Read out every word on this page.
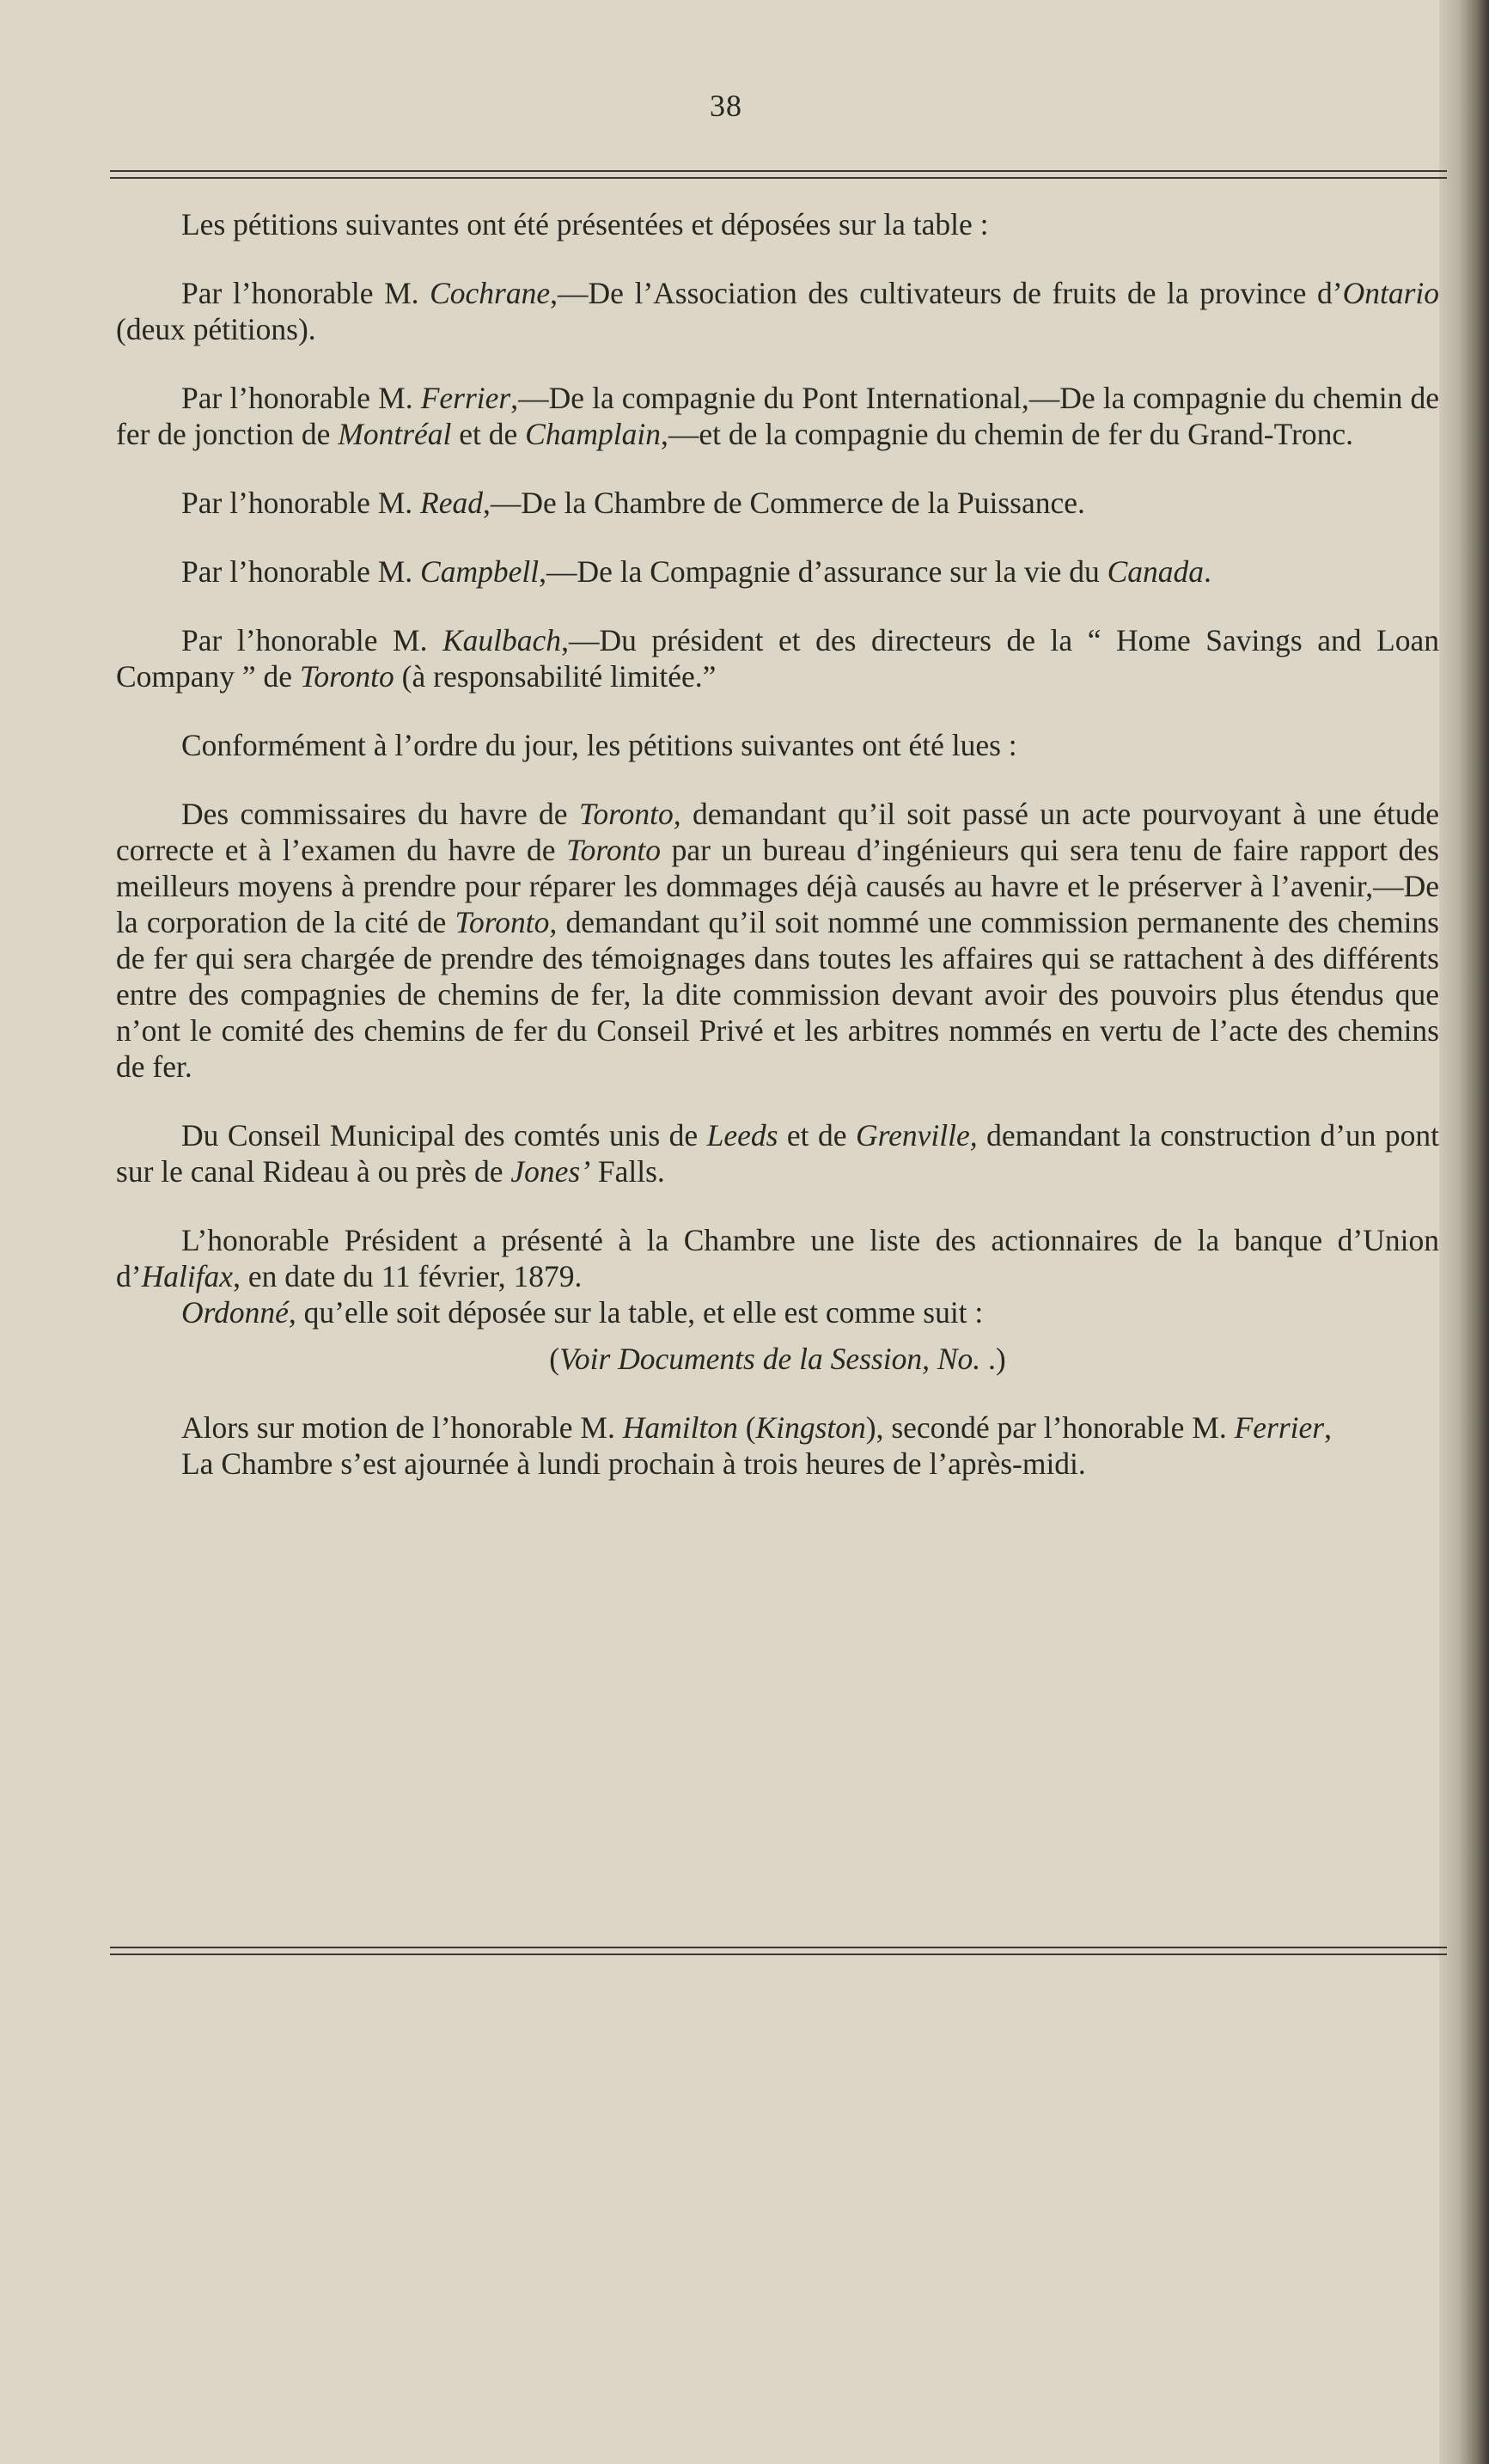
38

Les pétitions suivantes ont été présentées et déposées sur la table :

Par l’honorable M. Cochrane,—De l’Association des cultivateurs de fruits de la province d’Ontario (deux pétitions).

Par l’honorable M. Ferrier,—De la compagnie du Pont International,—De la compagnie du chemin de fer de jonction de Montréal et de Champlain,—et de la compagnie du chemin de fer du Grand-Tronc.

Par l’honorable M. Read,—De la Chambre de Commerce de la Puissance.

Par l’honorable M. Campbell,—De la Compagnie d’assurance sur la vie du Canada.

Par l’honorable M. Kaulbach,—Du président et des directeurs de la “ Home Savings and Loan Company ” de Toronto (à responsabilité limitée.”

Conformément à l’ordre du jour, les pétitions suivantes ont été lues :

Des commissaires du havre de Toronto, demandant qu’il soit passé un acte pourvoyant à une étude correcte et à l’examen du havre de Toronto par un bureau d’ingénieurs qui sera tenu de faire rapport des meilleurs moyens à prendre pour réparer les dommages déjà causés au havre et le préserver à l’avenir,—De la corporation de la cité de Toronto, demandant qu’il soit nommé une commission permanente des chemins de fer qui sera chargée de prendre des témoignages dans toutes les affaires qui se rattachent à des différents entre des compagnies de chemins de fer, la dite commission devant avoir des pouvoirs plus étendus que n’ont le comité des chemins de fer du Conseil Privé et les arbitres nommés en vertu de l’acte des chemins de fer.

Du Conseil Municipal des comtés unis de Leeds et de Grenville, demandant la construction d’un pont sur le canal Rideau à ou près de Jones’ Falls.

L’honorable Président a présenté à la Chambre une liste des actionnaires de la banque d’Union d’Halifax, en date du 11 février, 1879.

Ordonné, qu’elle soit déposée sur la table, et elle est comme suit :

(Voir Documents de la Session, No. .)

Alors sur motion de l’honorable M. Hamilton (Kingston), secondé par l’honorable M. Ferrier,

La Chambre s’est ajournée à lundi prochain à trois heures de l’après-midi.
